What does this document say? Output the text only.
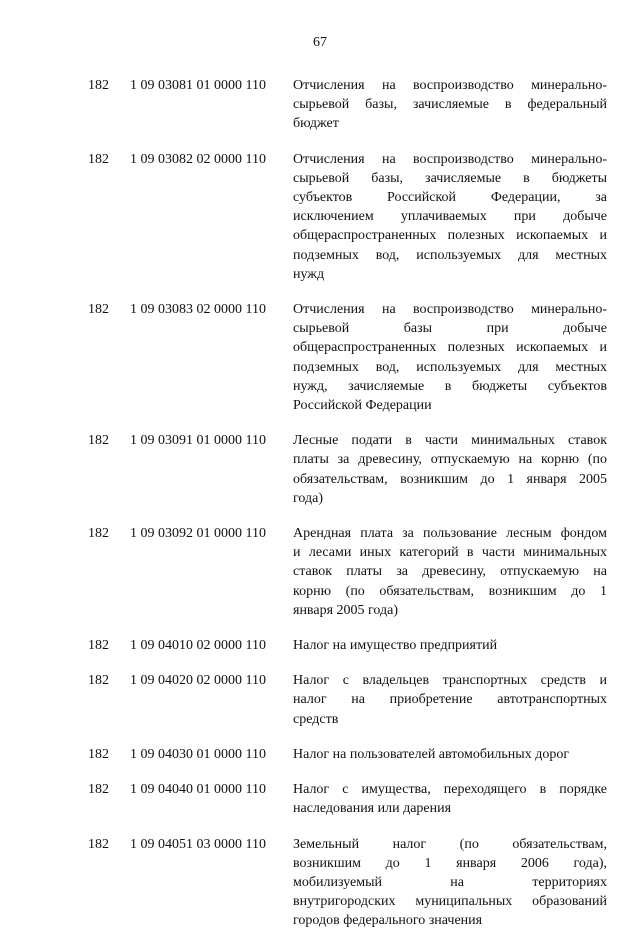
67
182 1 09 03081 01 0000 110 Отчисления на воспроизводство минерально-
сырьевой базы, зачисляемые в федеральный
бюджет
182 1 09 03082 02 0000 110 Отчисления на воспроизводство минерально-
сырьевой базы, зачисляемые в бюджеты
субъектов Российской Федерации, за
исключением уплачиваемых при добыче
общераспространенных полезных ископаемых и
подземных вод, используемых для местных
нужд
182 1 09 03083 02 0000 110 Отчисления на воспроизводство минерально-
сырьевой базы при добыче
общераспространенных полезных ископаемых и
подземных вод, используемых для местных
нужд, зачисляемые в бюджеты субъектов
Российской Федерации
182 1 09 03091 01 0000 110 Лесные подати в части минимальных ставок
платы за древесину, отпускаемую на корню (по
обязательствам, возникшим до 1 января 2005
года)
182 1 09 03092 01 0000 110 Арендная плата за пользование лесным фондом
и лесами иных категорий в части минимальных
ставок платы за древесину, отпускаемую на
корню (по обязательствам, возникшим до 1
января 2005 года)
182 1 09 04010 02 0000 110 Налог на имущество предприятий
182 1 09 04020 02 0000 110 Налог с владельцев транспортных средств и
налог на приобретение автотранспортных
средств
182 1 09 04030 01 0000 110 Налог на пользователей автомобильных дорог
182 1 09 04040 01 0000 110 Налог с имущества, переходящего в порядке
наследования или дарения
182 1 09 04051 03 0000 110 Земельный налог (по обязательствам,
возникшим до 1 января 2006 года),
мобилизуемый на территориях
внутригородских муниципальных образований
городов федерального значения
